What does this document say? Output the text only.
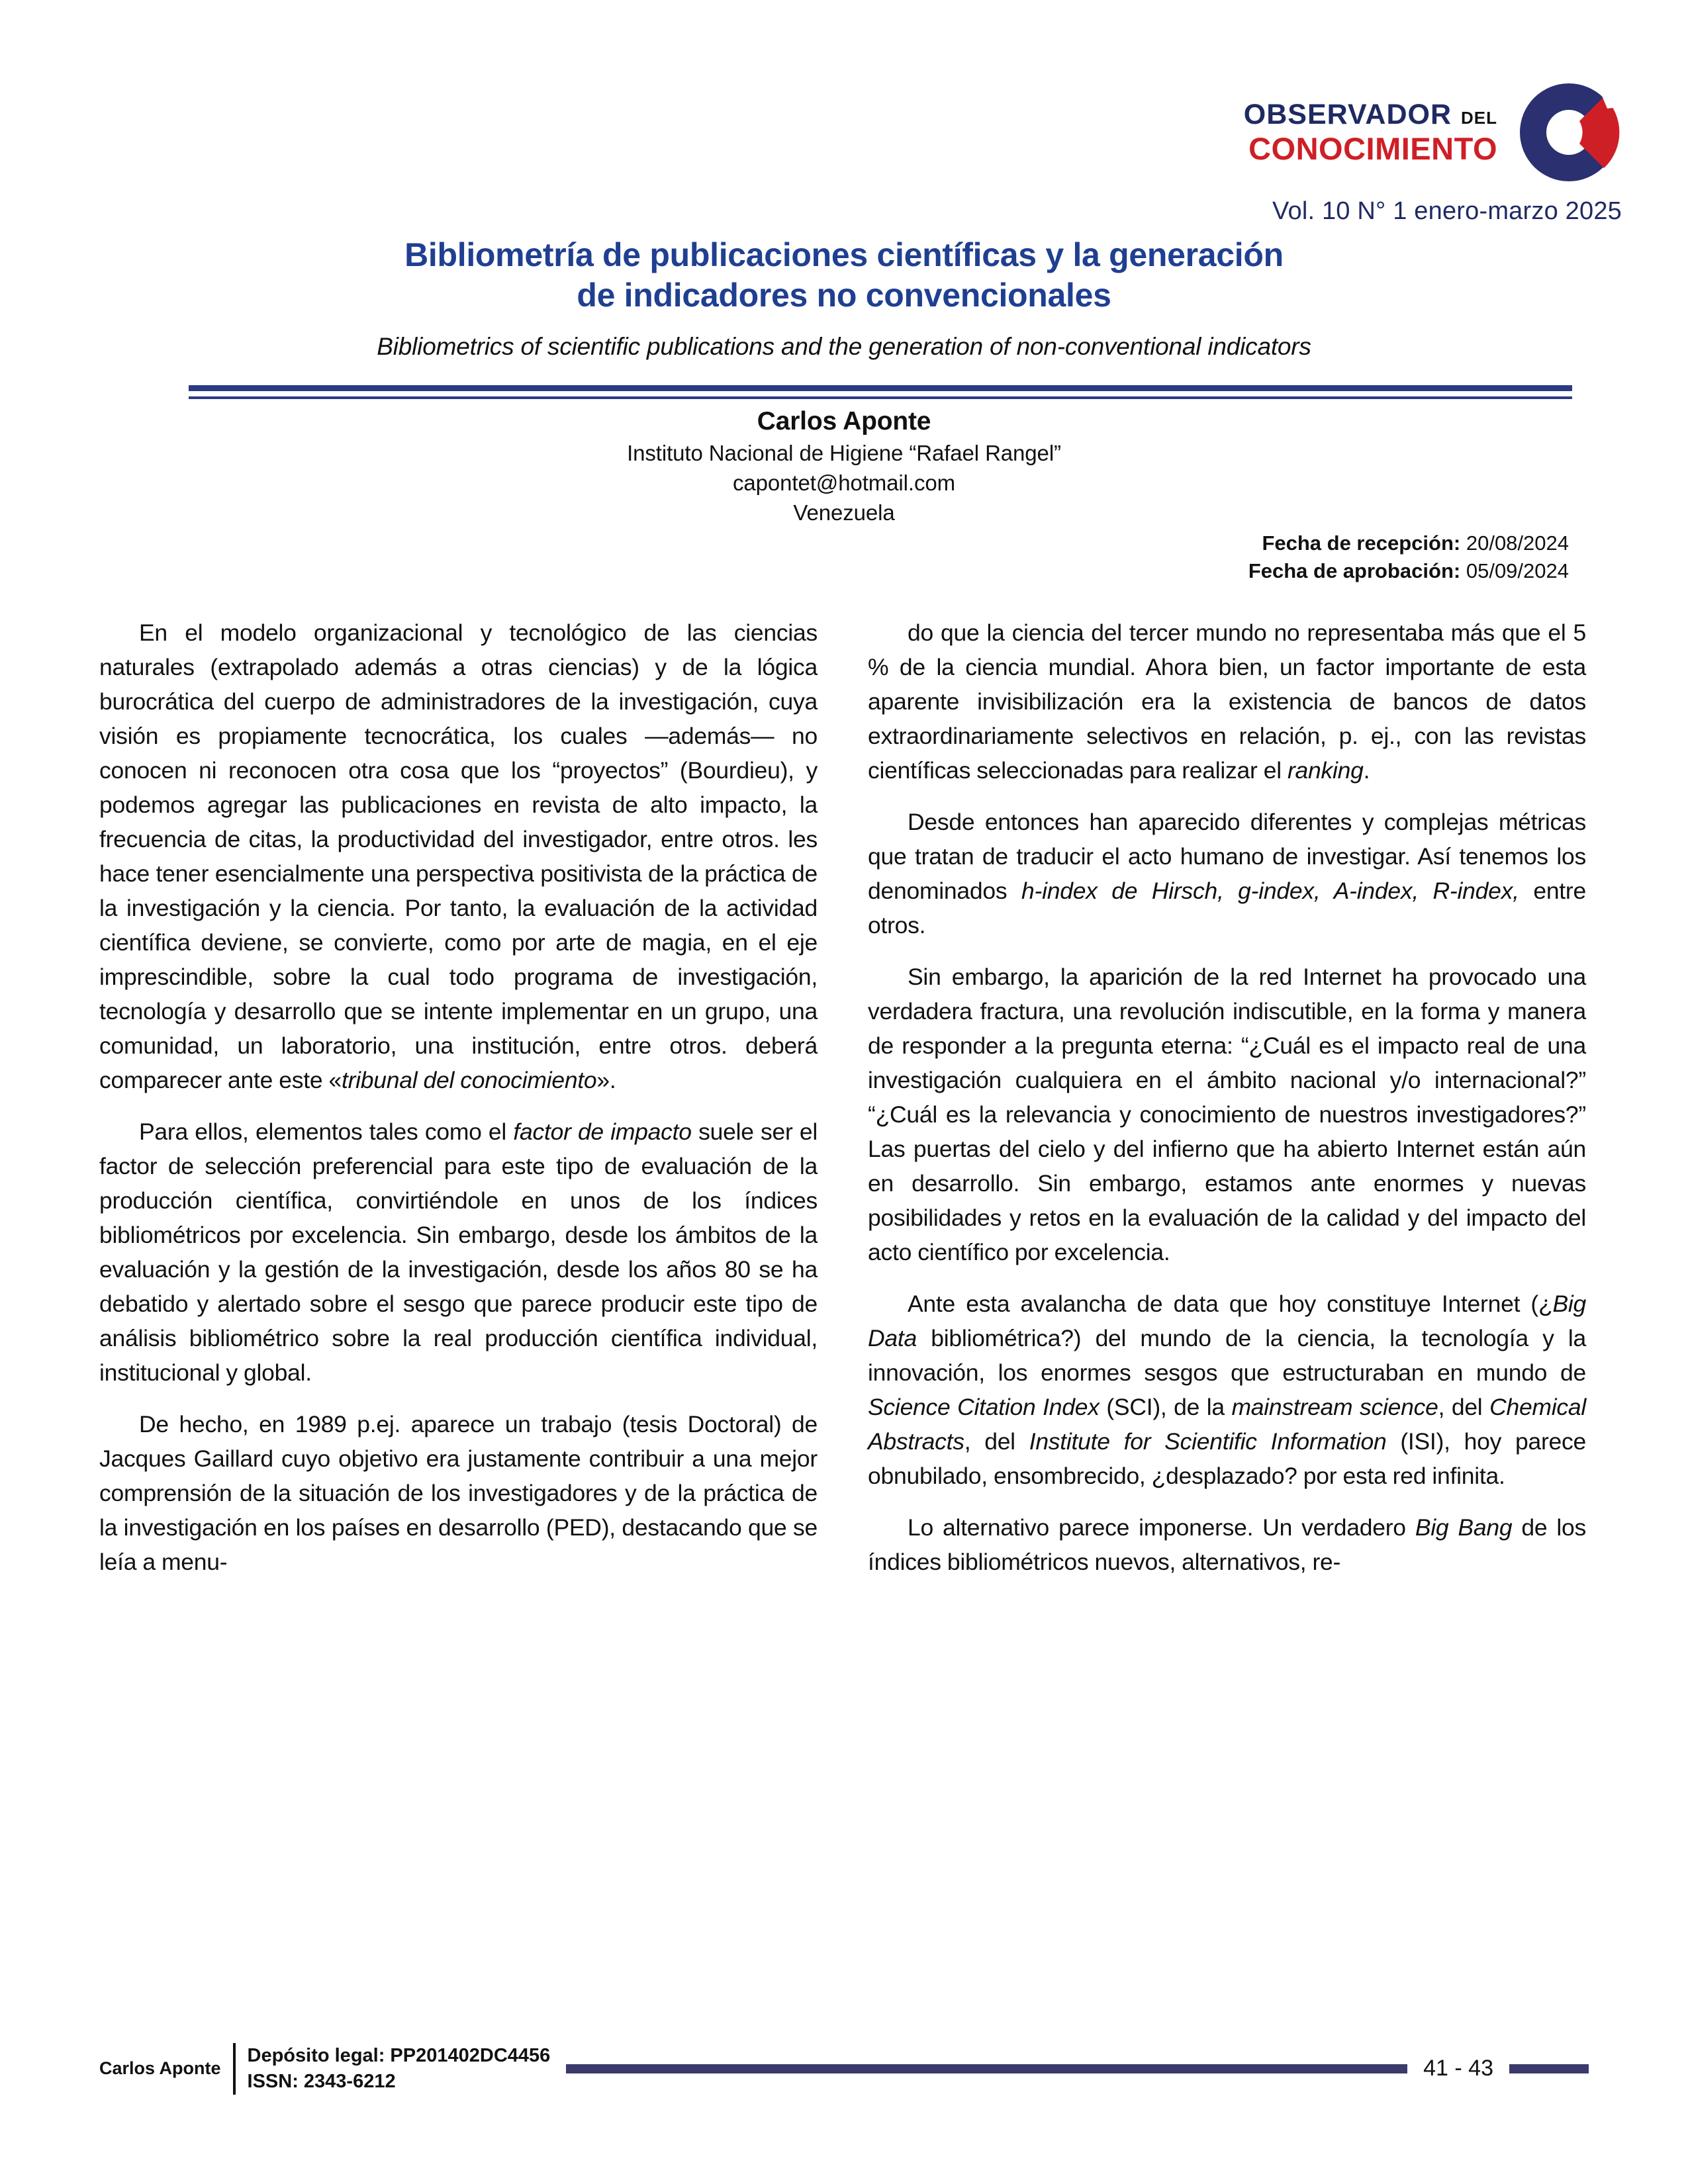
OBSERVADOR DEL
CONOCIMIENTO
Vol. 10 N° 1 enero-marzo 2025
Bibliometría de publicaciones científicas y la generación
de indicadores no convencionales
Bibliometrics of scientific publications and the generation of non-conventional indicators
Carlos Aponte
Instituto Nacional de Higiene “Rafael Rangel”
capontet@hotmail.com
Venezuela
Fecha de recepción: 20/08/2024
Fecha de aprobación: 05/09/2024

En el modelo organizacional y tecnológico de las ciencias naturales (extrapolado además a otras ciencias) y de la lógica burocrática del cuerpo de administradores de la investigación, cuya visión es propiamente tecnocrática, los cuales —además— no conocen ni reconocen otra cosa que los “proyectos” (Bourdieu), y podemos agregar las publicaciones en revista de alto impacto, la frecuencia de citas, la productividad del investigador, entre otros. les hace tener esencialmente una perspectiva positivista de la práctica de la investigación y la ciencia. Por tanto, la evaluación de la actividad científica deviene, se convierte, como por arte de magia, en el eje imprescindible, sobre la cual todo programa de investigación, tecnología y desarrollo que se intente implementar en un grupo, una comunidad, un laboratorio, una institución, entre otros. deberá comparecer ante este «tribunal del conocimiento».

Para ellos, elementos tales como el factor de impacto suele ser el factor de selección preferencial para este tipo de evaluación de la producción científica, convirtiéndole en unos de los índices bibliométricos por excelencia. Sin embargo, desde los ámbitos de la evaluación y la gestión de la investigación, desde los años 80 se ha debatido y alertado sobre el sesgo que parece producir este tipo de análisis bibliométrico sobre la real producción científica individual, institucional y global.

De hecho, en 1989 p.ej. aparece un trabajo (tesis Doctoral) de Jacques Gaillard cuyo objetivo era justamente contribuir a una mejor comprensión de la situación de los investigadores y de la práctica de la investigación en los países en desarrollo (PED), destacando que se leía a menu-

do que la ciencia del tercer mundo no representaba más que el 5 % de la ciencia mundial. Ahora bien, un factor importante de esta aparente invisibilización era la existencia de bancos de datos extraordinariamente selectivos en relación, p. ej., con las revistas científicas seleccionadas para realizar el ranking.

Desde entonces han aparecido diferentes y complejas métricas que tratan de traducir el acto humano de investigar. Así tenemos los denominados h-index de Hirsch, g-index, A-index, R-index, entre otros.

Sin embargo, la aparición de la red Internet ha provocado una verdadera fractura, una revolución indiscutible, en la forma y manera de responder a la pregunta eterna: “¿Cuál es el impacto real de una investigación cualquiera en el ámbito nacional y/o internacional?” “¿Cuál es la relevancia y conocimiento de nuestros investigadores?” Las puertas del cielo y del infierno que ha abierto Internet están aún en desarrollo. Sin embargo, estamos ante enormes y nuevas posibilidades y retos en la evaluación de la calidad y del impacto del acto científico por excelencia.

Ante esta avalancha de data que hoy constituye Internet (¿Big Data bibliométrica?) del mundo de la ciencia, la tecnología y la innovación, los enormes sesgos que estructuraban en mundo de Science Citation Index (SCI), de la mainstream science, del Chemical Abstracts, del Institute for Scientific Information (ISI), hoy parece obnubilado, ensombrecido, ¿desplazado? por esta red infinita.

Lo alternativo parece imponerse. Un verdadero Big Bang de los índices bibliométricos nuevos, alternativos, re-

Carlos Aponte
Depósito legal: PP201402DC4456
ISSN: 2343-6212
41 - 43
